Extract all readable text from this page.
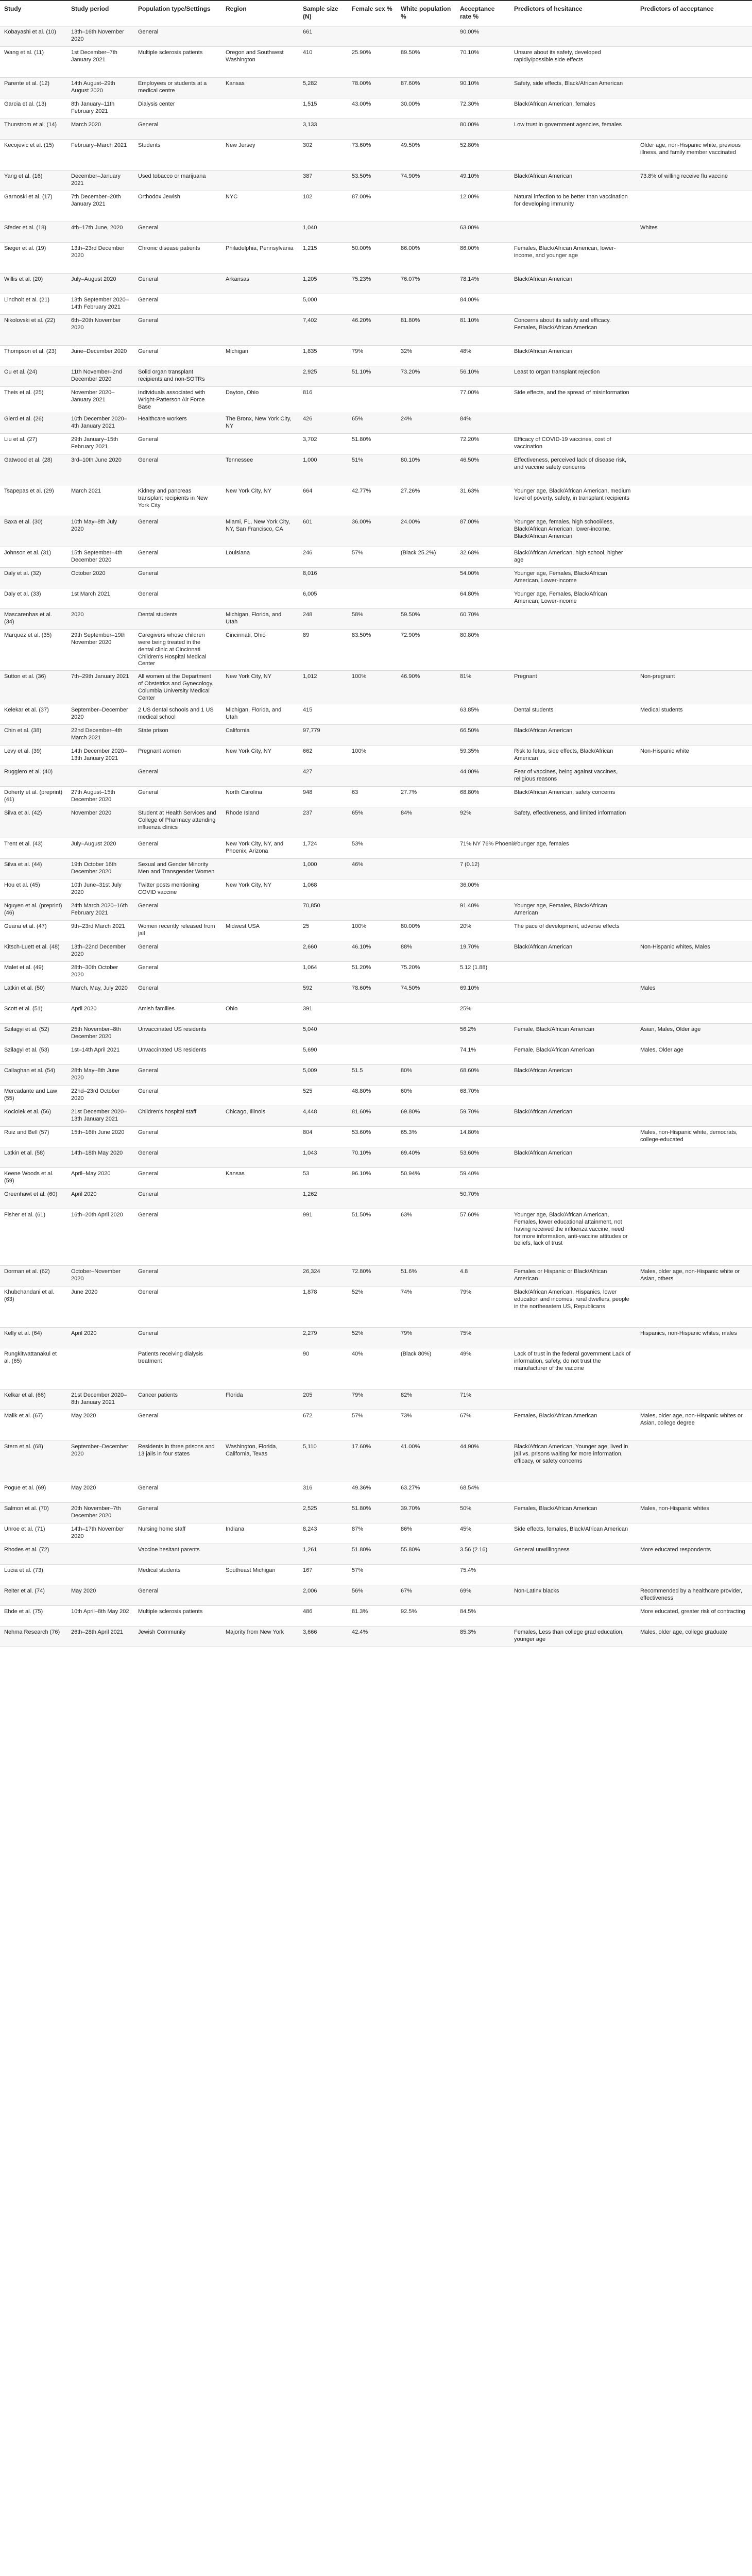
Study	Study period	Population type/Settings	Region	Sample size (N)	Female sex %	White population %	Acceptance rate %	Predictors of hesitance	Predictors of acceptance
Kobayashi et al. (10)	13th–16th November 2020	General		661			90.00%		
Wang et al. (11)	1st December–7th January 2021	Multiple sclerosis patients	Oregon and Southwest Washington	410	25.90%	89.50%	70.10%	Unsure about its safety, developed rapidly/possible side effects	
Parente et al. (12)	14th August–29th August 2020	Employees or students at a medical centre	Kansas	5,282	78.00%	87.60%	90.10%	Safety, side effects, Black/African American	
Garcia et al. (13)	8th January–11th February 2021	Dialysis center		1,515	43.00%	30.00%	72.30%	Black/African American, females	
Thunstrom et al. (14)	March 2020	General		3,133			80.00%	Low trust in government agencies, females	
Kecojevic et al. (15)	February–March 2021	Students	New Jersey	302	73.60%	49.50%	52.80%		Older age, non-Hispanic white, previous illness, and family member vaccinated
Yang et al. (16)	December–January 2021	Used tobacco or marijuana		387	53.50%	74.90%	49.10%	Black/African American	73.8% of willing receive flu vaccine
Garnoski et al. (17)	7th December–20th January 2021	Orthodox Jewish	NYC	102	87.00%		12.00%	Natural infection to be better than vaccination for developing immunity	
Sfeder et al. (18)	4th–17th June, 2020	General		1,040			63.00%		Whites
Sieger et al. (19)	13th–23rd December 2020	Chronic disease patients	Philadelphia, Pennsylvania	1,215	50.00%	86.00%	86.00%	Females, Black/African American, lower-income, and younger age	
Willis et al. (20)	July–August 2020	General	Arkansas	1,205	75.23%	76.07%	78.14%	Black/African American	
Lindholt et al. (21)	13th September 2020–14th February 2021	General		5,000			84.00%		
Nikolovski et al. (22)	6th–20th November 2020	General		7,402	46.20%	81.80%	81.10%	Concerns about its safety and efficacy. Females, Black/African American	
Thompson et al. (23)	June–December 2020	General	Michigan	1,835	79%	32%	48%	Black/African American	
Ou et al. (24)	11th November–2nd December 2020	Solid organ transplant recipients and non-SOTRs		2,925	51.10%	73.20%	56.10%	Least to organ transplant rejection	
Theis et al. (25)	November 2020–January 2021	Individuals associated with Wright-Patterson Air Force Base	Dayton, Ohio	816			77.00%	Side effects, and the spread of misinformation	
Gierd et al. (26)	10th December 2020–4th January 2021	Healthcare workers	The Bronx, New York City, NY	426	65%	24%	84%		
Liu et al. (27)	29th January–15th February 2021	General		3,702	51.80%		72.20%	Efficacy of COVID-19 vaccines, cost of vaccination	
Gatwood et al. (28)	3rd–10th June 2020	General	Tennessee	1,000	51%	80.10%	46.50%	Effectiveness, perceived lack of disease risk, and vaccine safety concerns	
Tsapepas et al. (29)	March 2021	Kidney and pancreas transplant recipients in New York City	New York City, NY	664	42.77%	27.26%	31.63%	Younger age, Black/African American, medium level of poverty, safety, in transplant recipients	
Baxa et al. (30)	10th May–8th July 2020	General	Miami, FL, New York City, NY, San Francisco, CA	601	36.00%	24.00%	87.00%	Younger age, females, high school/less, Black/African American, lower-income, Black/African American	
Johnson et al. (31)	15th September–4th December 2020	General	Louisiana	246	57%	(Black 25.2%)	32.68%	Black/African American, high school, higher age	
Daly et al. (32)	October 2020	General		8,016			54.00%	Younger age, Females, Black/African American, Lower-income	
Daly et al. (33)	1st March 2021	General		6,005			64.80%	Younger age, Females, Black/African American, Lower-income	
Mascarenhas et al. (34)	2020	Dental students	Michigan, Florida, and Utah	248	58%	59.50%	60.70%		
Marquez et al. (35)	29th September–19th November 2020	Caregivers whose children were being treated in the dental clinic at Cincinnati Children's Hospital Medical Center	Cincinnati, Ohio	89	83.50%	72.90%	80.80%		
Sutton et al. (36)	7th–29th January 2021	All women at the Department of Obstetrics and Gynecology, Columbia University Medical Center	New York City, NY	1,012	100%	46.90%	81%	Pregnant	Non-pregnant
Kelekar et al. (37)	September–December 2020	2 US dental schools and 1 US medical school	Michigan, Florida, and Utah	415			63.85%	Dental students	Medical students
Chin et al. (38)	22nd December–4th March 2021	State prison	California	97,779			66.50%	Black/African American	
Levy et al. (39)	14th December 2020–13th January 2021	Pregnant women	New York City, NY	662	100%		59.35%	Risk to fetus, side effects, Black/African American	Non-Hispanic white
Ruggiero et al. (40)		General		427			44.00%	Fear of vaccines, being against vaccines, religious reasons	
Doherty et al. (preprint) (41)	27th August–15th December 2020	General	North Carolina	948	63	27.7%	68.80%	Black/African American, safety concerns	
Silva et al. (42)	November 2020	Student at Health Services and College of Pharmacy attending influenza clinics	Rhode Island	237	65%	84%	92%	Safety, effectiveness, and limited information	
Trent et al. (43)	July–August 2020	General	New York City, NY, and Phoenix, Arizona	1,724	53%		71% NY 76% Phoenix	Younger age, females	
Silva et al. (44)	19th October 16th December 2020	Sexual and Gender Minority Men and Transgender Women		1,000	46%		7 (0.12)		
Hou et al. (45)	10th June–31st July 2020	Twitter posts mentioning COVID vaccine	New York City, NY	1,068			36.00%		
Nguyen et al. (preprint) (46)	24th March 2020–16th February 2021	General		70,850			91.40%	Younger age, Females, Black/African American	
Geana et al. (47)	9th–23rd March 2021	Women recently released from jail	Midwest USA	25	100%	80.00%	20%	The pace of development, adverse effects	
Kitsch-Luett et al. (48)	13th–22nd December 2020	General		2,660	46.10%	88%	19.70%	Black/African American	Non-Hispanic whites, Males
Malet et al. (49)	28th–30th October 2020	General		1,064	51.20%	75.20%	5.12 (1.88)		
Latkin et al. (50)	March, May, July 2020	General		592	78.60%	74.50%	69.10%		Males
Scott et al. (51)	April 2020	Amish families	Ohio	391			25%		
Szilagyi et al. (52)	25th November–8th December 2020	Unvaccinated US residents		5,040			56.2%	Female, Black/African American	Asian, Males, Older age
Szilagyi et al. (53)	1st–14th April 2021	Unvaccinated US residents		5,690			74.1%	Female, Black/African American	Males, Older age
Callaghan et al. (54)	28th May–8th June 2020	General		5,009	51.5	80%	68.60%	Black/African American	
Mercadante and Law (55)	22nd–23rd October 2020	General		525	48.80%	60%	68.70%		
Kociolek et al. (56)	21st December 2020–13th January 2021	Children's hospital staff	Chicago, Illinois	4,448	81.60%	69.80%	59.70%	Black/African American	
Ruiz and Bell (57)	15th–16th June 2020	General		804	53.60%	65.3%	14.80%		Males, non-Hispanic white, democrats, college-educated
Latkin et al. (58)	14th–18th May 2020	General		1,043	70.10%	69.40%	53.60%	Black/African American	
Keene Woods et al. (59)	April–May 2020	General	Kansas	53	96.10%	50.94%	59.40%		
Greenhawt et al. (60)	April 2020	General		1,262			50.70%		
Fisher et al. (61)	16th–20th April 2020	General		991	51.50%	63%	57.60%	Younger age, Black/African American, Females, lower educational attainment, not having received the influenza vaccine, need for more information, anti-vaccine attitudes or beliefs, lack of trust	
Dorman et al. (62)	October–November 2020	General		26,324	72.80%	51.6%	4.8	Females or Hispanic or Black/African American	Males, older age, non-Hispanic white or Asian, others
Khubchandani et al. (63)	June 2020	General		1,878	52%	74%	79%	Black/African American, Hispanics, lower education and incomes, rural dwellers, people in the northeastern US, Republicans	
Kelly et al. (64)	April 2020	General		2,279	52%	79%	75%		Hispanics, non-Hispanic whites, males
Rungkitwattanakul et al. (65)		Patients receiving dialysis treatment		90	40%	(Black 80%)	49%	Lack of trust in the federal government Lack of information, safety, do not trust the manufacturer of the vaccine	
Kelkar et al. (66)	21st December 2020–8th January 2021	Cancer patients	Florida	205	79%	82%	71%		
Malik et al. (67)	May 2020	General		672	57%	73%	67%	Females, Black/African American	Males, older age, non-Hispanic whites or Asian, college degree
Stern et al. (68)	September–December 2020	Residents in three prisons and 13 jails in four states	Washington, Florida, California, Texas	5,110	17.60%	41.00%	44.90%	Black/African American, Younger age, lived in jail vs. prisons waiting for more information, efficacy, or safety concerns	
Pogue et al. (69)	May 2020	General		316	49.36%	63.27%	68.54%		
Salmon et al. (70)	20th November–7th December 2020	General		2,525	51.80%	39.70%	50%	Females, Black/African American	Males, non-Hispanic whites
Unroe et al. (71)	14th–17th November 2020	Nursing home staff	Indiana	8,243	87%	86%	45%	Side effects, females, Black/African American	
Rhodes et al. (72)		Vaccine hesitant parents		1,261	51.80%	55.80%	3.56 (2.16)	General unwillingness	More educated respondents
Lucia et al. (73)		Medical students	Southeast Michigan	167	57%		75.4%		
Reiter et al. (74)	May 2020	General		2,006	56%	67%	69%	Non-Latinx blacks	Recommended by a healthcare provider, effectiveness
Ehde et al. (75)	10th April–8th May 202	Multiple sclerosis patients		486	81.3%	92.5%	84.5%		More educated, greater risk of contracting
Nehma Research (76)	26th–28th April 2021	Jewish Community	Majority from New York	3,666	42.4%		85.3%	Females, Less than college grad education, younger age	Males, older age, college graduate
